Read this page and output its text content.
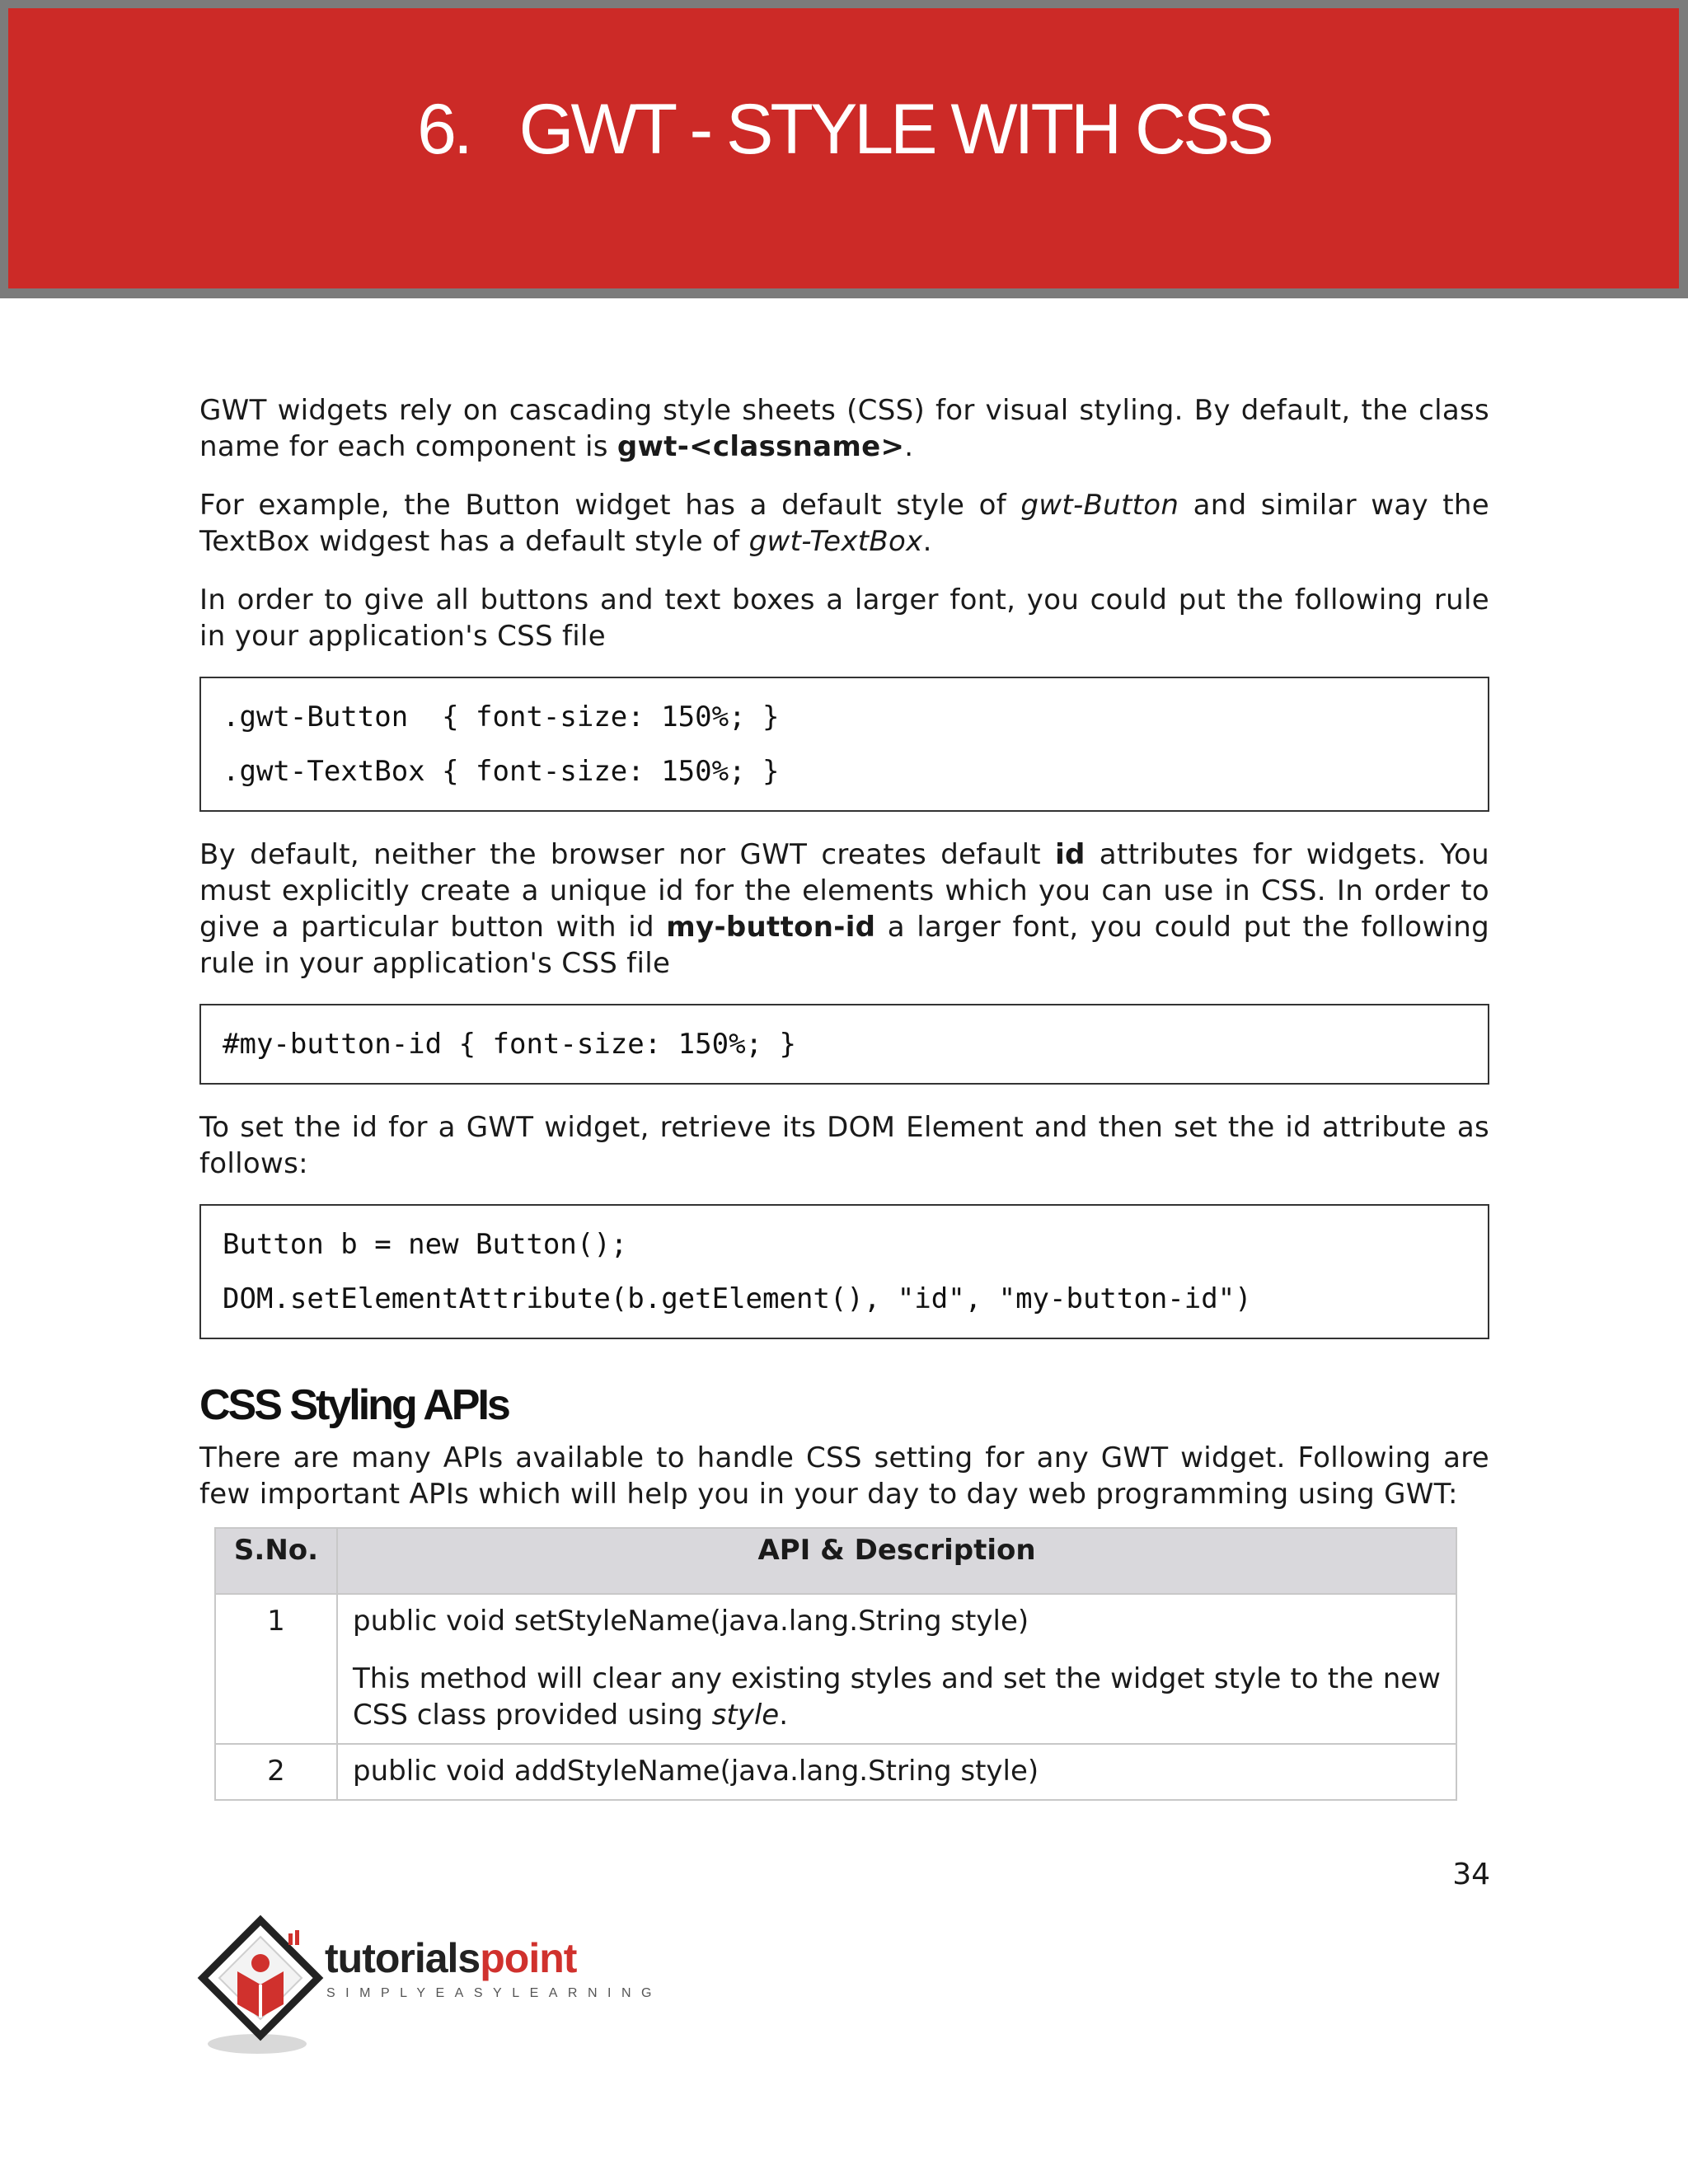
6.   GWT - STYLE WITH CSS

GWT widgets rely on cascading style sheets (CSS) for visual styling. By default, the class name for each component is gwt-<classname>.

For example, the Button widget has a default style of gwt-Button and similar way the TextBox widgest has a default style of gwt-TextBox.

In order to give all buttons and text boxes a larger font, you could put the following rule in your application's CSS file

.gwt-Button  { font-size: 150%; }
.gwt-TextBox { font-size: 150%; }

By default, neither the browser nor GWT creates default id attributes for widgets. You must explicitly create a unique id for the elements which you can use in CSS. In order to give a particular button with id my-button-id a larger font, you could put the following rule in your application's CSS file

#my-button-id { font-size: 150%; }

To set the id for a GWT widget, retrieve its DOM Element and then set the id attribute as follows:

Button b = new Button();
DOM.setElementAttribute(b.getElement(), "id", "my-button-id")
CSS Styling APIs

There are many APIs available to handle CSS setting for any GWT widget. Following are few important APIs which will help you in your day to day web programming using GWT:

S.No.	API & Description
1	public void setStyleName(java.lang.String style)

This method will clear any existing styles and set the widget style to the new CSS class provided using style.

2	public void addStyleName(java.lang.String style)

34
tutorialspoint
SIMPLYEASYLEARNING
